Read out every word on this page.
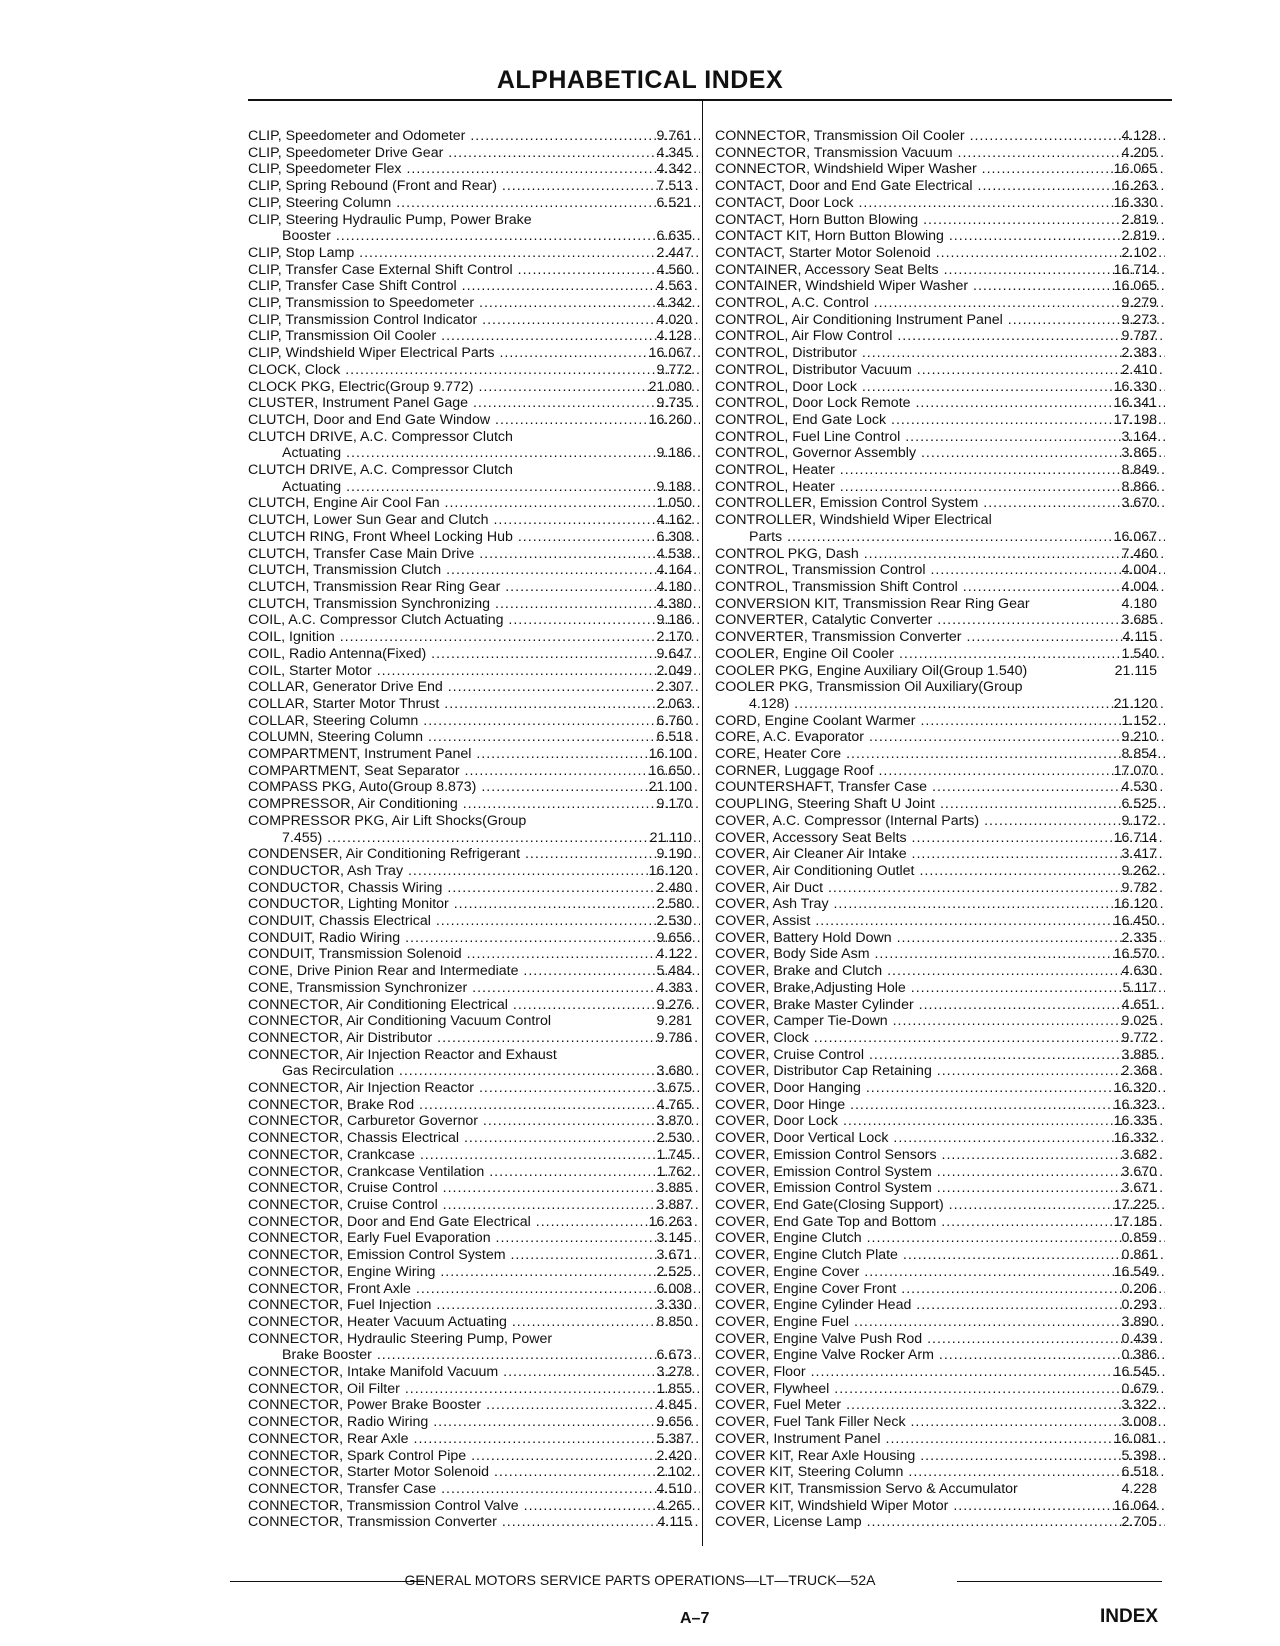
ALPHABETICAL INDEX
CLIP, Speedometer and Odometer .....	9.761
CLIP, Speedometer Drive Gear .....	4.345
CLIP, Speedometer Flex .....	4.342
CLIP, Spring Rebound (Front and Rear) .....	7.513
CLIP, Steering Column .....	6.521
CLIP, Steering Hydraulic Pump, Power Brake
Booster .....	6.635
CLIP, Stop Lamp .....	2.447
CLIP, Transfer Case External Shift Control .....	4.560
CLIP, Transfer Case Shift Control .....	4.563
CLIP, Transmission to Speedometer .....	4.342
CLIP, Transmission Control Indicator .....	4.020
CLIP, Transmission Oil Cooler .....	4.128
CLIP, Windshield Wiper Electrical Parts .....	16.067
CLOCK, Clock .....	9.772
CLOCK PKG, Electric(Group 9.772) .....	21.080
CLUSTER, Instrument Panel Gage .....	9.735
CLUTCH, Door and End Gate Window .....	16.260
CLUTCH DRIVE, A.C. Compressor Clutch
Actuating .....	9.186
CLUTCH DRIVE, A.C. Compressor Clutch
Actuating .....	9.188
CLUTCH, Engine Air Cool Fan .....	1.050
CLUTCH, Lower Sun Gear and Clutch .....	4.162
CLUTCH RING, Front Wheel Locking Hub .....	6.308
CLUTCH, Transfer Case Main Drive .....	4.538
CLUTCH, Transmission Clutch .....	4.164
CLUTCH, Transmission Rear Ring Gear .....	4.180
CLUTCH, Transmission Synchronizing .....	4.380
COIL, A.C. Compressor Clutch Actuating .....	9.186
COIL, Ignition .....	2.170
COIL, Radio Antenna(Fixed) .....	9.647
COIL, Starter Motor .....	2.049
COLLAR, Generator Drive End .....	2.307
COLLAR, Starter Motor Thrust .....	2.063
COLLAR, Steering Column .....	6.760
COLUMN, Steering Column .....	6.518
COMPARTMENT, Instrument Panel .....	16.100
COMPARTMENT, Seat Separator .....	16.650
COMPASS PKG, Auto(Group 8.873) .....	21.100
COMPRESSOR, Air Conditioning .....	9.170
COMPRESSOR PKG, Air Lift Shocks(Group
7.455) .....	21.110
CONDENSER, Air Conditioning Refrigerant .....	9.190
CONDUCTOR, Ash Tray .....	16.120
CONDUCTOR, Chassis Wiring .....	2.480
CONDUCTOR, Lighting Monitor .....	2.580
CONDUIT, Chassis Electrical .....	2.530
CONDUIT, Radio Wiring .....	9.656
CONDUIT, Transmission Solenoid .....	4.122
CONE, Drive Pinion Rear and Intermediate .....	5.484
CONE, Transmission Synchronizer .....	4.383
CONNECTOR, Air Conditioning Electrical .....	9.276
CONNECTOR, Air Conditioning Vacuum Control	9.281
CONNECTOR, Air Distributor .....	9.786
CONNECTOR, Air Injection Reactor and Exhaust
Gas Recirculation .....	3.680
CONNECTOR, Air Injection Reactor .....	3.675
CONNECTOR, Brake Rod .....	4.765
CONNECTOR, Carburetor Governor .....	3.870
CONNECTOR, Chassis Electrical .....	2.530
CONNECTOR, Crankcase .....	1.745
CONNECTOR, Crankcase Ventilation .....	1.762
CONNECTOR, Cruise Control .....	3.885
CONNECTOR, Cruise Control .....	3.887
CONNECTOR, Door and End Gate Electrical .....	16.263
CONNECTOR, Early Fuel Evaporation .....	3.145
CONNECTOR, Emission Control System .....	3.671
CONNECTOR, Engine Wiring .....	2.525
CONNECTOR, Front Axle .....	6.008
CONNECTOR, Fuel Injection .....	3.330
CONNECTOR, Heater Vacuum Actuating .....	8.850
CONNECTOR, Hydraulic Steering Pump, Power
Brake Booster .....	6.673
CONNECTOR, Intake Manifold Vacuum .....	3.278
CONNECTOR, Oil Filter .....	1.855
CONNECTOR, Power Brake Booster .....	4.845
CONNECTOR, Radio Wiring .....	9.656
CONNECTOR, Rear Axle .....	5.387
CONNECTOR, Spark Control Pipe .....	2.420
CONNECTOR, Starter Motor Solenoid .....	2.102
CONNECTOR, Transfer Case .....	4.510
CONNECTOR, Transmission Control Valve .....	4.265
CONNECTOR, Transmission Converter .....	4.115
CONNECTOR, Transmission Oil Cooler .....	4.128
CONNECTOR, Transmission Vacuum .....	4.205
CONNECTOR, Windshield Wiper Washer .....	16.065
CONTACT, Door and End Gate Electrical .....	16.263
CONTACT, Door Lock .....	16.330
CONTACT, Horn Button Blowing .....	2.819
CONTACT KIT, Horn Button Blowing .....	2.819
CONTACT, Starter Motor Solenoid .....	2.102
CONTAINER, Accessory Seat Belts .....	16.714
CONTAINER, Windshield Wiper Washer .....	16.065
CONTROL, A.C. Control .....	9.279
CONTROL, Air Conditioning Instrument Panel .....	9.273
CONTROL, Air Flow Control .....	9.787
CONTROL, Distributor .....	2.383
CONTROL, Distributor Vacuum .....	2.410
CONTROL, Door Lock .....	16.330
CONTROL, Door Lock Remote .....	16.341
CONTROL, End Gate Lock .....	17.198
CONTROL, Fuel Line Control .....	3.164
CONTROL, Governor Assembly .....	3.865
CONTROL, Heater .....	8.849
CONTROL, Heater .....	8.866
CONTROLLER, Emission Control System .....	3.670
CONTROLLER, Windshield Wiper Electrical
Parts .....	16.067
CONTROL PKG, Dash .....	7.460
CONTROL, Transmission Control .....	4.004
CONTROL, Transmission Shift Control .....	4.004
CONVERSION KIT, Transmission Rear Ring Gear	4.180
CONVERTER, Catalytic Converter .....	3.685
CONVERTER, Transmission Converter .....	4.115
COOLER, Engine Oil Cooler .....	1.540
COOLER PKG, Engine Auxiliary Oil(Group 1.540)	21.115
COOLER PKG, Transmission Oil Auxiliary(Group
4.128) .....	21.120
CORD, Engine Coolant Warmer .....	1.152
CORE, A.C. Evaporator .....	9.210
CORE, Heater Core .....	8.854
CORNER, Luggage Roof .....	17.070
COUNTERSHAFT, Transfer Case .....	4.530
COUPLING, Steering Shaft U Joint .....	6.525
COVER, A.C. Compressor (Internal Parts) .....	9.172
COVER, Accessory Seat Belts .....	16.714
COVER, Air Cleaner Air Intake .....	3.417
COVER, Air Conditioning Outlet .....	9.262
COVER, Air Duct .....	9.782
COVER, Ash Tray .....	16.120
COVER, Assist .....	16.450
COVER, Battery Hold Down .....	2.335
COVER, Body Side Asm .....	16.570
COVER, Brake and Clutch .....	4.630
COVER, Brake,Adjusting Hole .....	5.117
COVER, Brake Master Cylinder .....	4.651
COVER, Camper Tie-Down .....	9.025
COVER, Clock .....	9.772
COVER, Cruise Control .....	3.885
COVER, Distributor Cap Retaining .....	2.368
COVER, Door Hanging .....	16.320
COVER, Door Hinge .....	16.323
COVER, Door Lock .....	16.335
COVER, Door Vertical Lock .....	16.332
COVER, Emission Control Sensors .....	3.682
COVER, Emission Control System .....	3.670
COVER, Emission Control System .....	3.671
COVER, End Gate(Closing Support) .....	17.225
COVER, End Gate Top and Bottom .....	17.185
COVER, Engine Clutch .....	0.859
COVER, Engine Clutch Plate .....	0.861
COVER, Engine Cover .....	16.549
COVER, Engine Cover Front .....	0.206
COVER, Engine Cylinder Head .....	0.293
COVER, Engine Fuel .....	3.890
COVER, Engine Valve Push Rod .....	0.439
COVER, Engine Valve Rocker Arm .....	0.386
COVER, Floor .....	16.545
COVER, Flywheel .....	0.679
COVER, Fuel Meter .....	3.322
COVER, Fuel Tank Filler Neck .....	3.008
COVER, Instrument Panel .....	16.081
COVER KIT, Rear Axle Housing .....	5.398
COVER KIT, Steering Column .....	6.518
COVER KIT, Transmission Servo & Accumulator	4.228
COVER KIT, Windshield Wiper Motor .....	16.064
COVER, License Lamp .....	2.705
GENERAL MOTORS SERVICE PARTS OPERATIONS—LT—TRUCK—52A
A–7	INDEX
